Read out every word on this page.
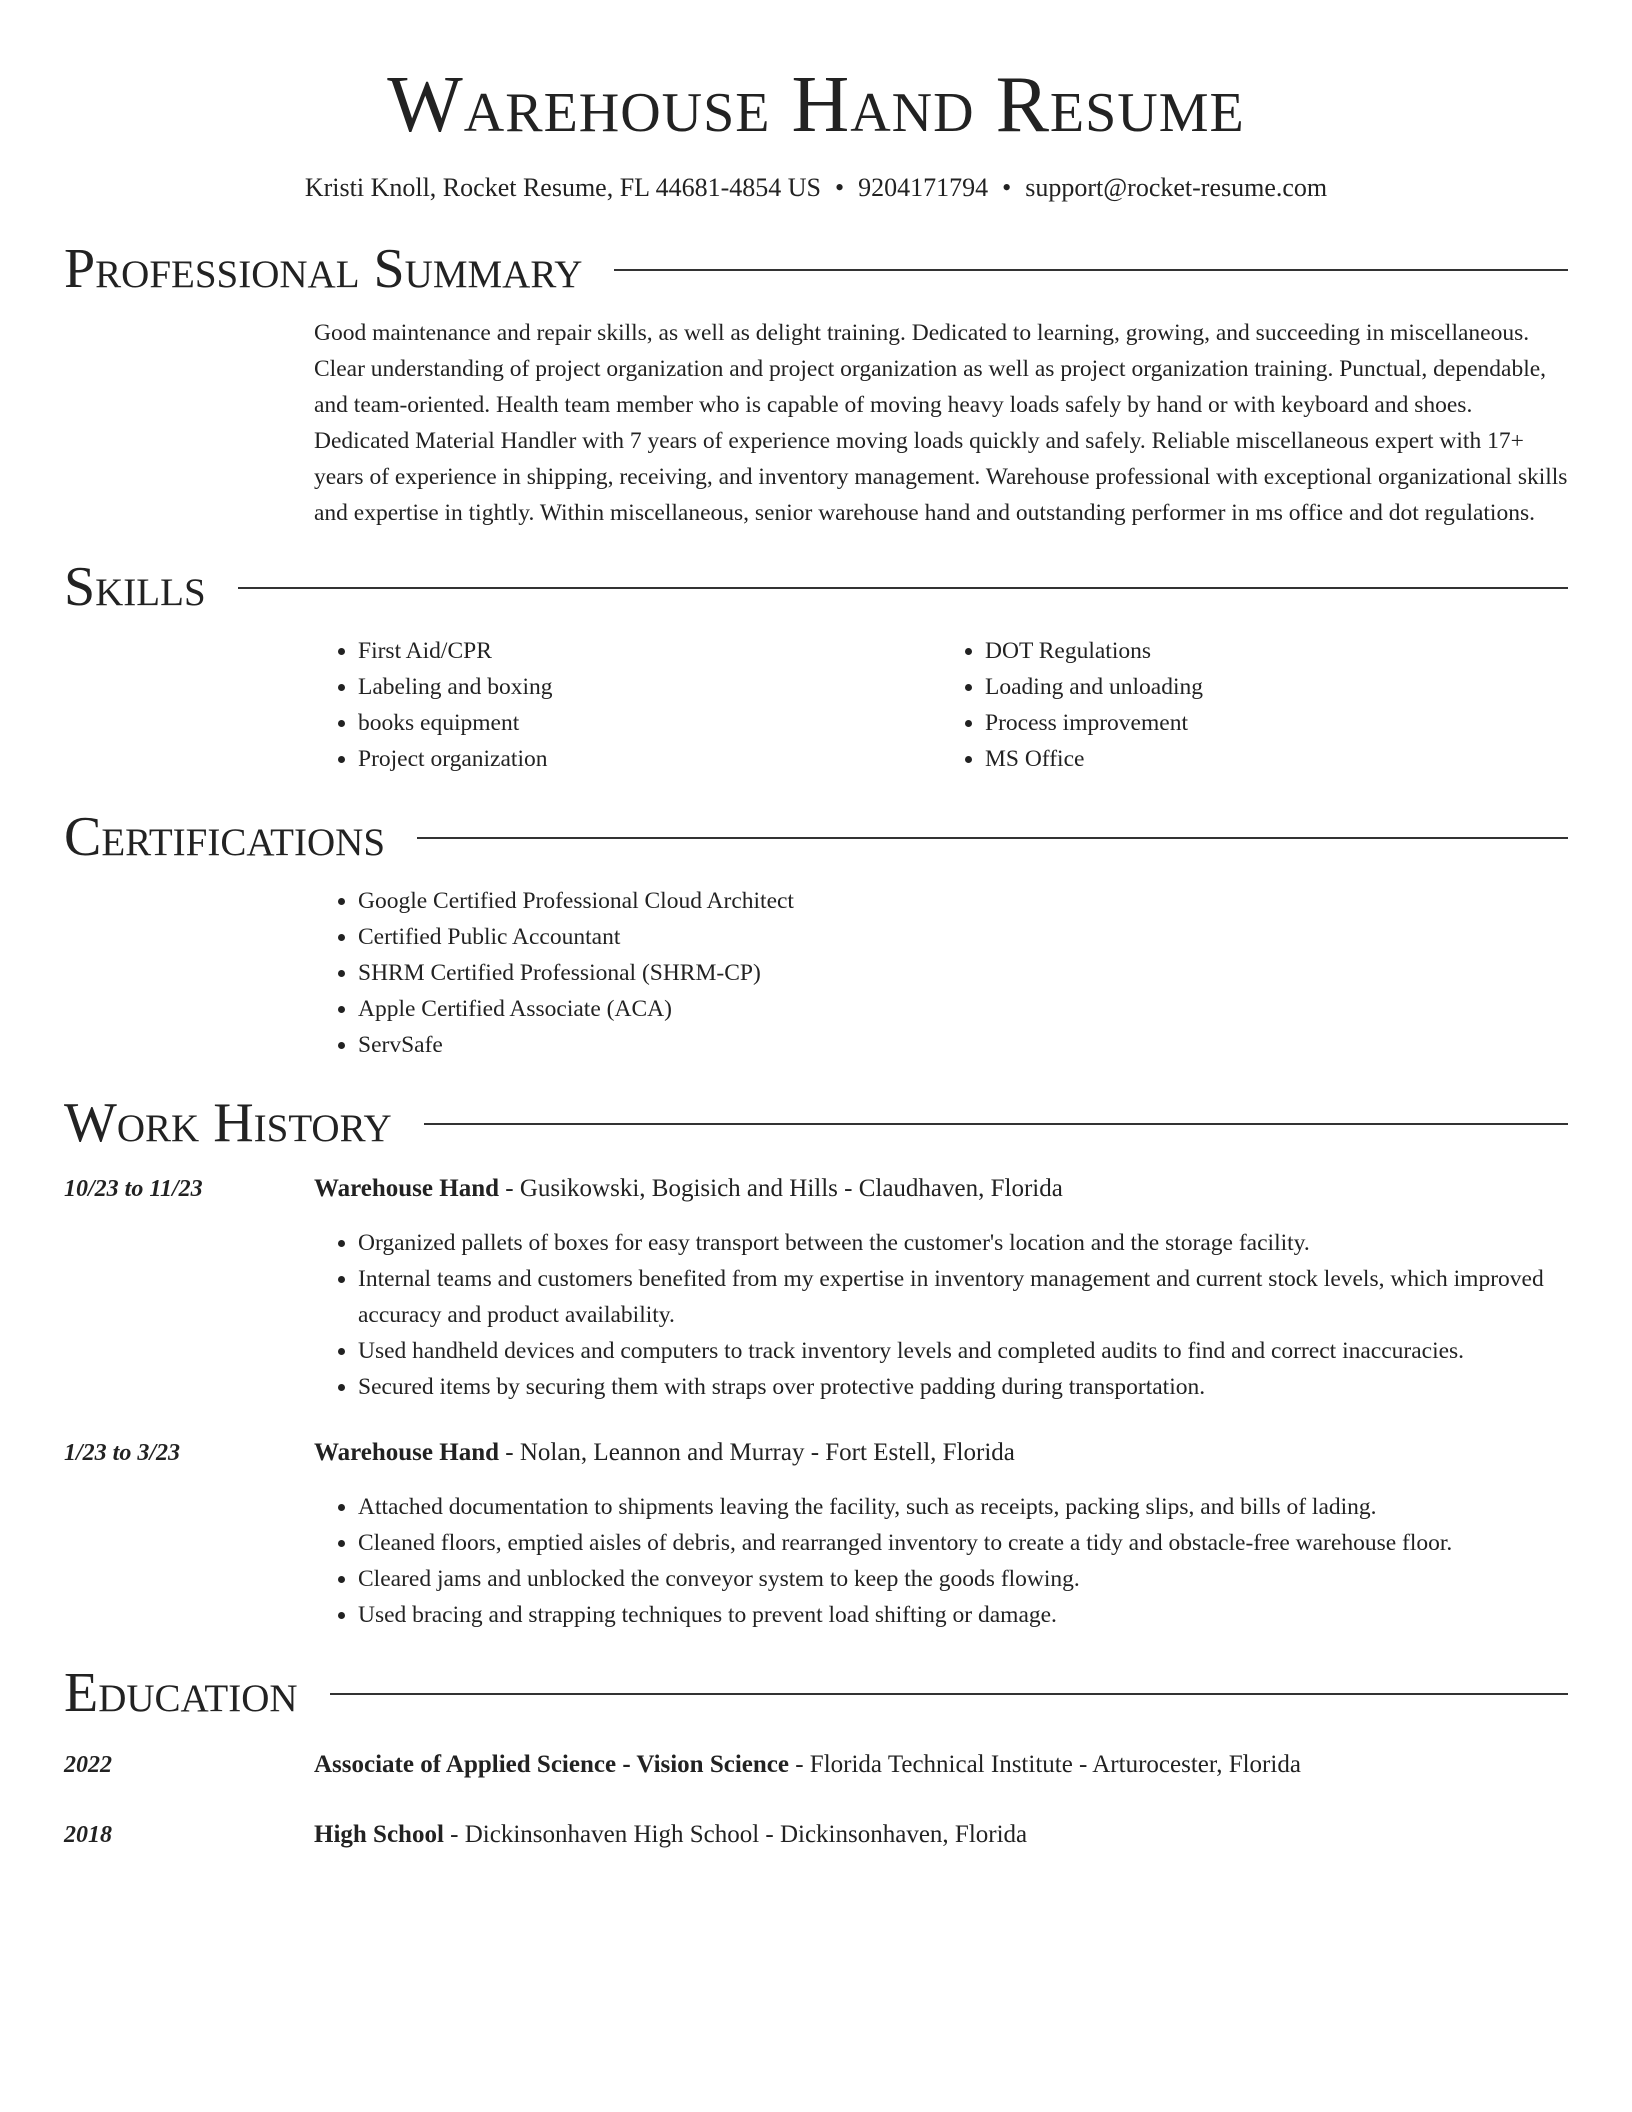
Warehouse Hand Resume
Kristi Knoll, Rocket Resume, FL 44681-4854 US • 9204171794 • support@rocket-resume.com
Professional Summary
Good maintenance and repair skills, as well as delight training. Dedicated to learning, growing, and succeeding in miscellaneous. Clear understanding of project organization and project organization as well as project organization training. Punctual, dependable, and team-oriented. Health team member who is capable of moving heavy loads safely by hand or with keyboard and shoes. Dedicated Material Handler with 7 years of experience moving loads quickly and safely. Reliable miscellaneous expert with 17+ years of experience in shipping, receiving, and inventory management. Warehouse professional with exceptional organizational skills and expertise in tightly. Within miscellaneous, senior warehouse hand and outstanding performer in ms office and dot regulations.
Skills
• First Aid/CPR
• Labeling and boxing
• books equipment
• Project organization
• DOT Regulations
• Loading and unloading
• Process improvement
• MS Office
Certifications
• Google Certified Professional Cloud Architect
• Certified Public Accountant
• SHRM Certified Professional (SHRM-CP)
• Apple Certified Associate (ACA)
• ServSafe
Work History
10/23 to 11/23	Warehouse Hand - Gusikowski, Bogisich and Hills - Claudhaven, Florida
• Organized pallets of boxes for easy transport between the customer's location and the storage facility.
• Internal teams and customers benefited from my expertise in inventory management and current stock levels, which improved accuracy and product availability.
• Used handheld devices and computers to track inventory levels and completed audits to find and correct inaccuracies.
• Secured items by securing them with straps over protective padding during transportation.
1/23 to 3/23	Warehouse Hand - Nolan, Leannon and Murray - Fort Estell, Florida
• Attached documentation to shipments leaving the facility, such as receipts, packing slips, and bills of lading.
• Cleaned floors, emptied aisles of debris, and rearranged inventory to create a tidy and obstacle-free warehouse floor.
• Cleared jams and unblocked the conveyor system to keep the goods flowing.
• Used bracing and strapping techniques to prevent load shifting or damage.
Education
2022	Associate of Applied Science - Vision Science - Florida Technical Institute - Arturocester, Florida
2018	High School - Dickinsonhaven High School - Dickinsonhaven, Florida
